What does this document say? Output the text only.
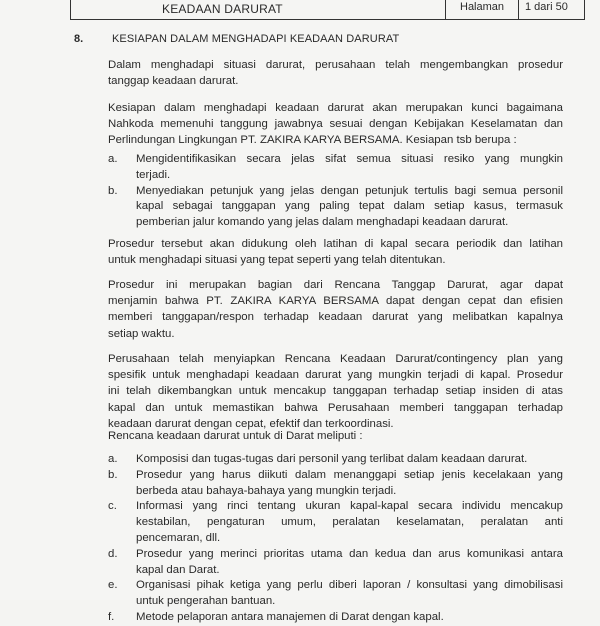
KEADAAN DARURAT	Halaman 1 dari 50
8.	KESIAPAN DALAM MENGHADAPI KEADAAN DARURAT
Dalam menghadapi situasi darurat, perusahaan telah mengembangkan prosedur
tanggap keadaan darurat.
Kesiapan dalam menghadapi keadaan darurat akan merupakan kunci bagaimana
Nahkoda memenuhi tanggung jawabnya sesuai dengan Kebijakan Keselamatan dan
Perlindungan Lingkungan PT. ZAKIRA KARYA BERSAMA. Kesiapan tsb berupa :
a. Mengidentifikasikan secara jelas sifat semua situasi resiko yang mungkin
terjadi.
b. Menyediakan petunjuk yang jelas dengan petunjuk tertulis bagi semua personil
kapal sebagai tanggapan yang paling tepat dalam setiap kasus, termasuk
pemberian jalur komando yang jelas dalam menghadapi keadaan darurat.
Prosedur tersebut akan didukung oleh latihan di kapal secara periodik dan latihan
untuk menghadapi situasi yang tepat seperti yang telah ditentukan.
Prosedur ini merupakan bagian dari Rencana Tanggap Darurat, agar dapat
menjamin bahwa PT. ZAKIRA KARYA BERSAMA dapat dengan cepat dan efisien
memberi tanggapan/respon terhadap keadaan darurat yang melibatkan kapalnya
setiap waktu.
Perusahaan telah menyiapkan Rencana Keadaan Darurat/contingency plan yang
spesifik untuk menghadapi keadaan darurat yang mungkin terjadi di kapal. Prosedur
ini telah dikembangkan untuk mencakup tanggapan terhadap setiap insiden di atas
kapal dan untuk memastikan bahwa Perusahaan memberi tanggapan terhadap
keadaan darurat dengan cepat, efektif dan terkoordinasi.
Rencana keadaan darurat untuk di Darat meliputi :
a. Komposisi dan tugas-tugas dari personil yang terlibat dalam keadaan darurat.
b. Prosedur yang harus diikuti dalam menanggapi setiap jenis kecelakaan yang
berbeda atau bahaya-bahaya yang mungkin terjadi.
c. Informasi yang rinci tentang ukuran kapal-kapal secara individu mencakup
kestabilan, pengaturan umum, peralatan keselamatan, peralatan anti
pencemaran, dll.
d. Prosedur yang merinci prioritas utama dan kedua dan arus komunikasi antara
kapal dan Darat.
e. Organisasi pihak ketiga yang perlu diberi laporan / konsultasi yang dimobilisasi
untuk pengerahan bantuan.
f. Metode pelaporan antara manajemen di Darat dengan kapal.
